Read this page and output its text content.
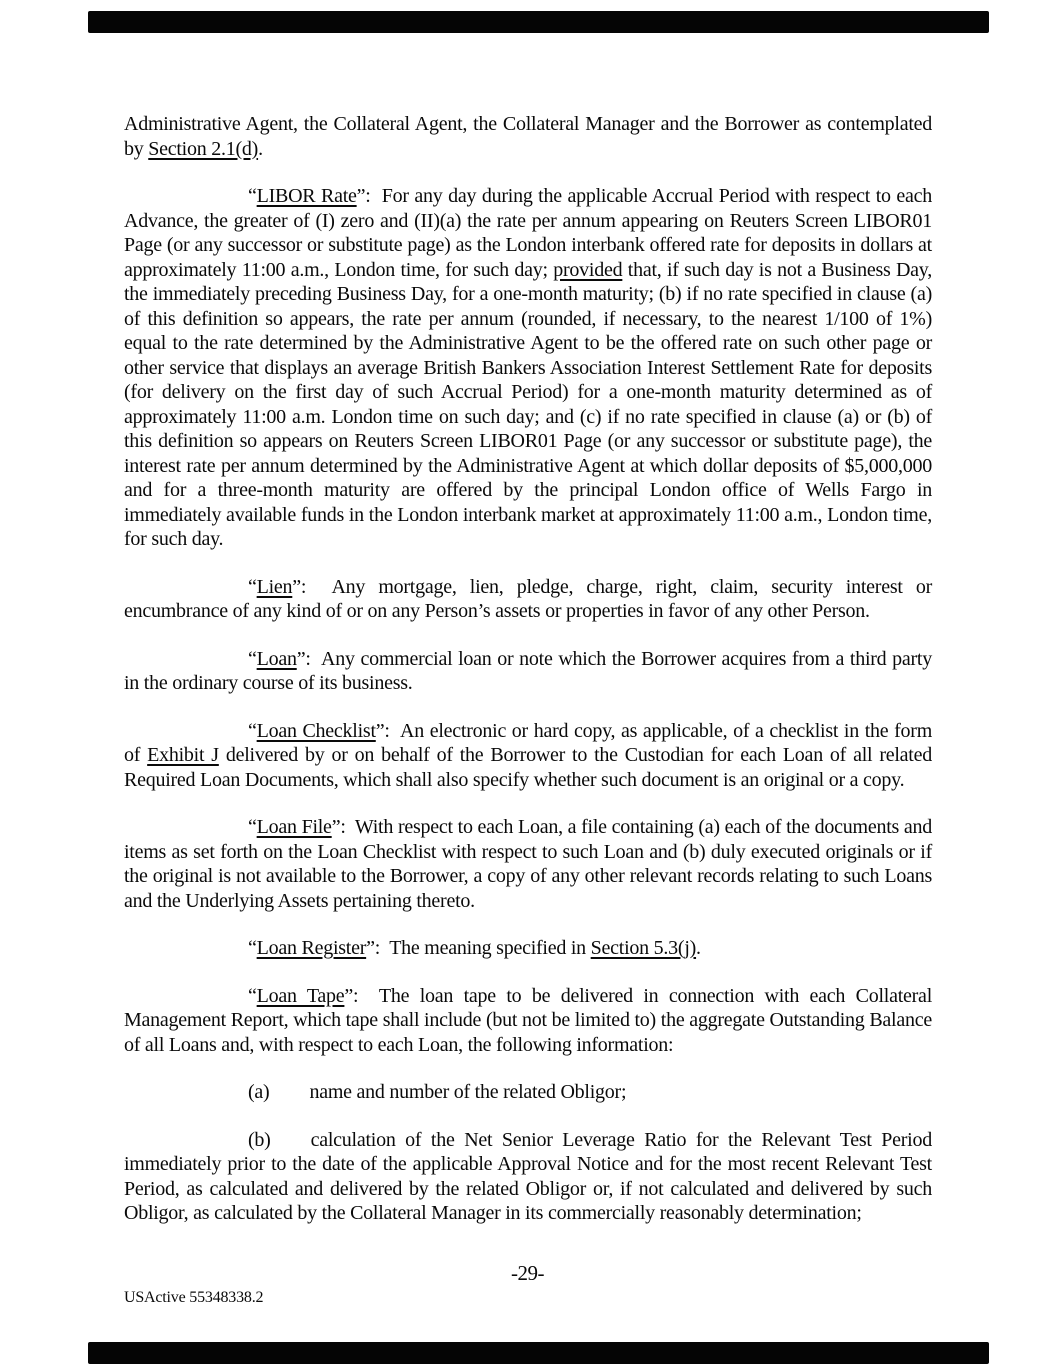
Administrative Agent, the Collateral Agent, the Collateral Manager and the Borrower as contemplated by Section 2.1(d).

“LIBOR Rate”:  For any day during the applicable Accrual Period with respect to each Advance, the greater of (I) zero and (II)(a) the rate per annum appearing on Reuters Screen LIBOR01 Page (or any successor or substitute page) as the London interbank offered rate for deposits in dollars at approximately 11:00 a.m., London time, for such day; provided that, if such day is not a Business Day, the immediately preceding Business Day, for a one-month maturity; (b) if no rate specified in clause (a) of this definition so appears, the rate per annum (rounded, if necessary, to the nearest 1/100 of 1%) equal to the rate determined by the Administrative Agent to be the offered rate on such other page or other service that displays an average British Bankers Association Interest Settlement Rate for deposits (for delivery on the first day of such Accrual Period) for a one-month maturity determined as of approximately 11:00 a.m. London time on such day; and (c) if no rate specified in clause (a) or (b) of this definition so appears on Reuters Screen LIBOR01 Page (or any successor or substitute page), the interest rate per annum determined by the Administrative Agent at which dollar deposits of $5,000,000 and for a three-month maturity are offered by the principal London office of Wells Fargo in immediately available funds in the London interbank market at approximately 11:00 a.m., London time, for such day.

“Lien”:  Any mortgage, lien, pledge, charge, right, claim, security interest or encumbrance of any kind of or on any Person’s assets or properties in favor of any other Person.

“Loan”:  Any commercial loan or note which the Borrower acquires from a third party in the ordinary course of its business.

“Loan Checklist”:  An electronic or hard copy, as applicable, of a checklist in the form of Exhibit J delivered by or on behalf of the Borrower to the Custodian for each Loan of all related Required Loan Documents, which shall also specify whether such document is an original or a copy.

“Loan File”:  With respect to each Loan, a file containing (a) each of the documents and items as set forth on the Loan Checklist with respect to such Loan and (b) duly executed originals or if the original is not available to the Borrower, a copy of any other relevant records relating to such Loans and the Underlying Assets pertaining thereto.

“Loan Register”:  The meaning specified in Section 5.3(j).

“Loan Tape”:  The loan tape to be delivered in connection with each Collateral Management Report, which tape shall include (but not be limited to) the aggregate Outstanding Balance of all Loans and, with respect to each Loan, the following information:

(a) name and number of the related Obligor;

(b) calculation of the Net Senior Leverage Ratio for the Relevant Test Period immediately prior to the date of the applicable Approval Notice and for the most recent Relevant Test Period, as calculated and delivered by the related Obligor or, if not calculated and delivered by such Obligor, as calculated by the Collateral Manager in its commercially reasonably determination;

-29-
USActive 55348338.2
